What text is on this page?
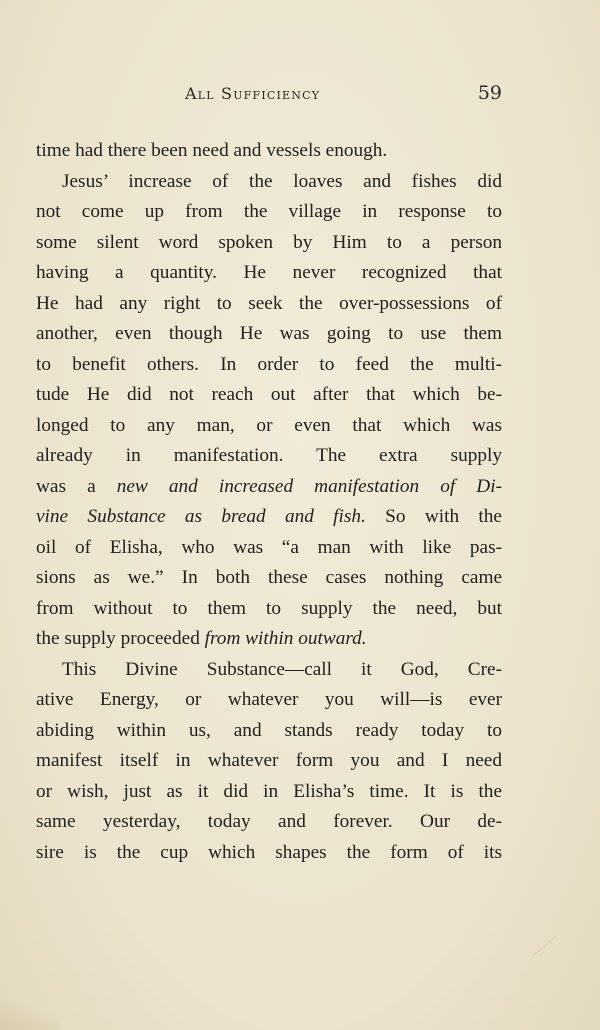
All Sufficiency	59
time had there been need and vessels enough.
Jesus’ increase of the loaves and fishes did
not come up from the village in response to
some silent word spoken by Him to a person
having a quantity. He never recognized that
He had any right to seek the over-possessions of
another, even though He was going to use them
to benefit others. In order to feed the multi-
tude He did not reach out after that which be-
longed to any man, or even that which was
already in manifestation. The extra supply
was a new and increased manifestation of Di-
vine Substance as bread and fish. So with the
oil of Elisha, who was “a man with like pas-
sions as we.” In both these cases nothing came
from without to them to supply the need, but
the supply proceeded from within outward.
This Divine Substance—call it God, Cre-
ative Energy, or whatever you will—is ever
abiding within us, and stands ready today to
manifest itself in whatever form you and I need
or wish, just as it did in Elisha’s time. It is the
same yesterday, today and forever. Our de-
sire is the cup which shapes the form of its
